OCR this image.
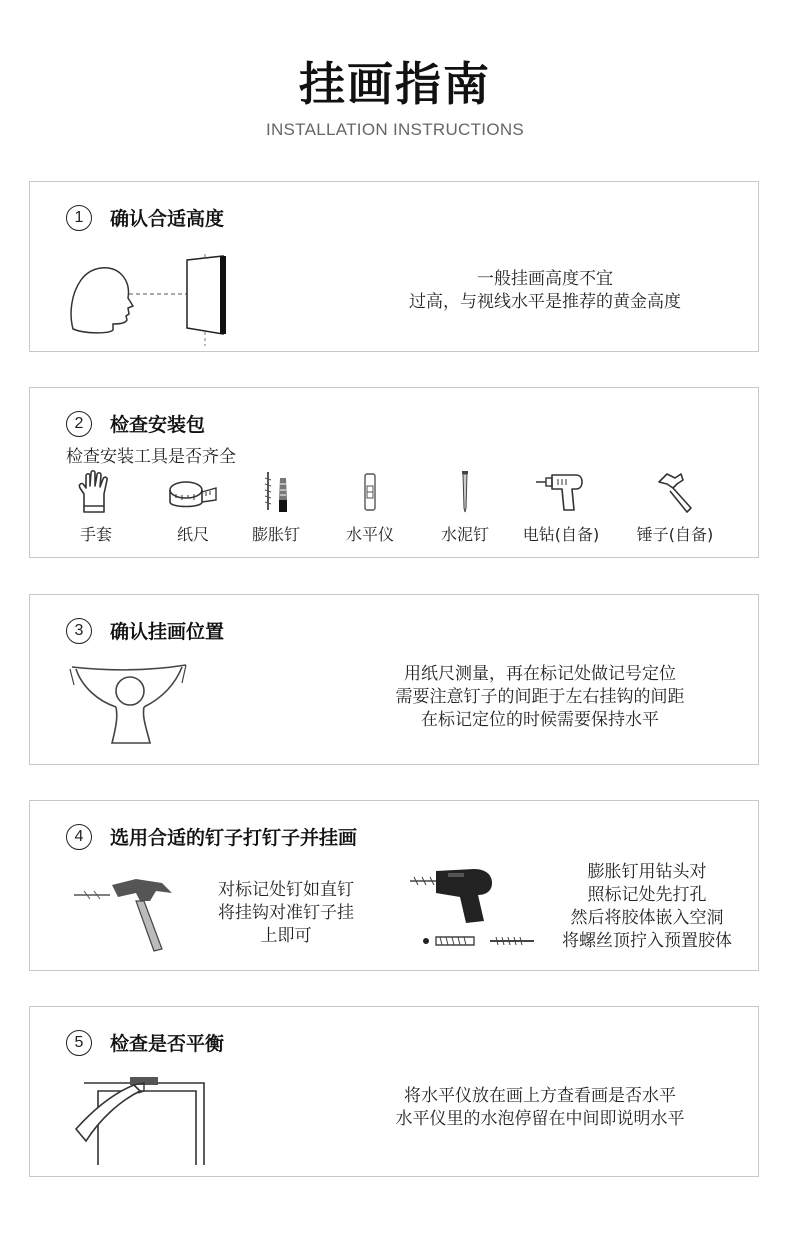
挂画指南
INSTALLATION INSTRUCTIONS
1	确认合适高度
一般挂画高度不宜
过高，与视线水平是推荐的黄金高度
2	检查安装包
检查安装工具是否齐全
手套	纸尺	膨胀钉	水平仪	水泥钉	电钻(自备)	锤子(自备)
3	确认挂画位置
用纸尺测量，再在标记处做记号定位
需要注意钉子的间距于左右挂钩的间距
在标记定位的时候需要保持水平
4	选用合适的钉子打钉子并挂画
对标记处钉如直钉
将挂钩对准钉子挂
上即可
膨胀钉用钻头对
照标记处先打孔
然后将胶体嵌入空洞
将螺丝顶拧入预置胶体
5	检查是否平衡
将水平仪放在画上方查看画是否水平
水平仪里的水泡停留在中间即说明水平
